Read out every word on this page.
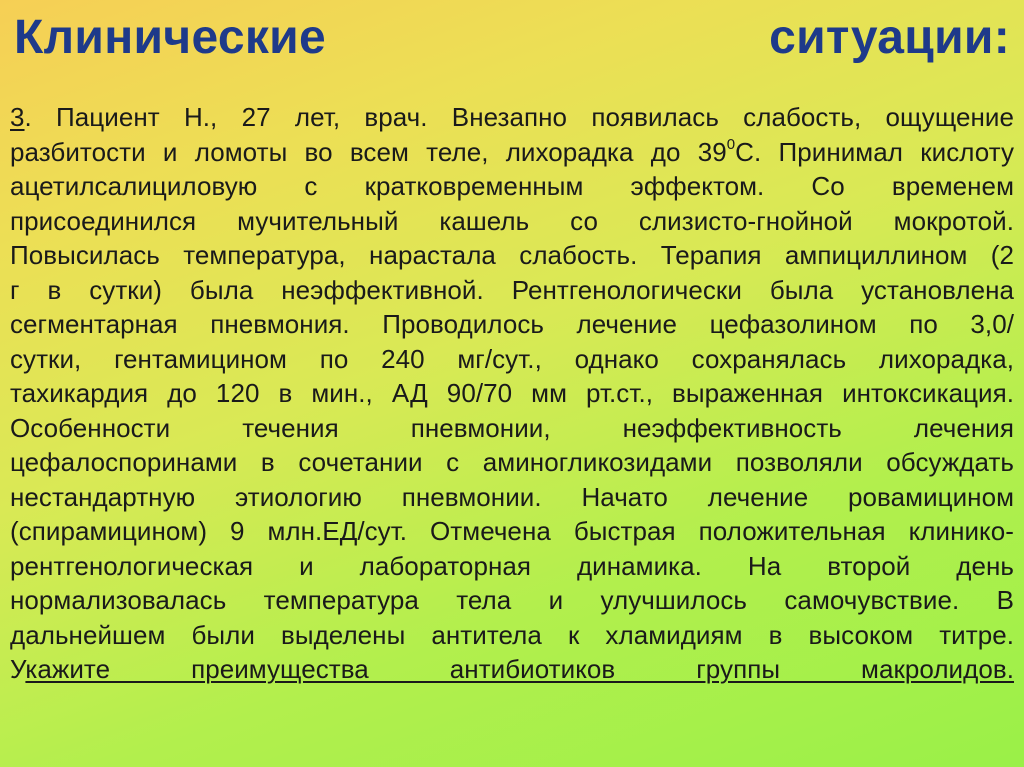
Клинические	ситуации:
3. Пациент Н., 27 лет, врач. Внезапно появилась слабость, ощущение
разбитости и ломоты во всем теле, лихорадка до $39^0С$. Принимал кислоту
ацетилсалициловую с кратковременным эффектом. Со временем
присоединился мучительный кашель со слизисто-гнойной мокротой.
Повысилась температура, нарастала слабость. Терапия ампициллином (2
г в сутки) была неэффективной. Рентгенологически была установлена
сегментарная пневмония. Проводилось лечение цефазолином по 3,0/
сутки, гентамицином по 240 мг/сут., однако сохранялась лихорадка,
тахикардия до 120 в мин., АД 90/70 мм рт.ст., выраженная интоксикация.
Особенности течения пневмонии, неэффективность лечения
цефалоспоринами в сочетании с аминогликозидами позволяли обсуждать
нестандартную этиологию пневмонии. Начато лечение ровамицином
(спирамицином) 9 млн.ЕД/сут. Отмечена быстрая положительная клинико-
рентгенологическая и лабораторная динамика. На второй день
нормализовалась температура тела и улучшилось самочувствие. В
дальнейшем были выделены антитела к хламидиям в высоком титре.
Укажите преимущества антибиотиков группы макролидов.
